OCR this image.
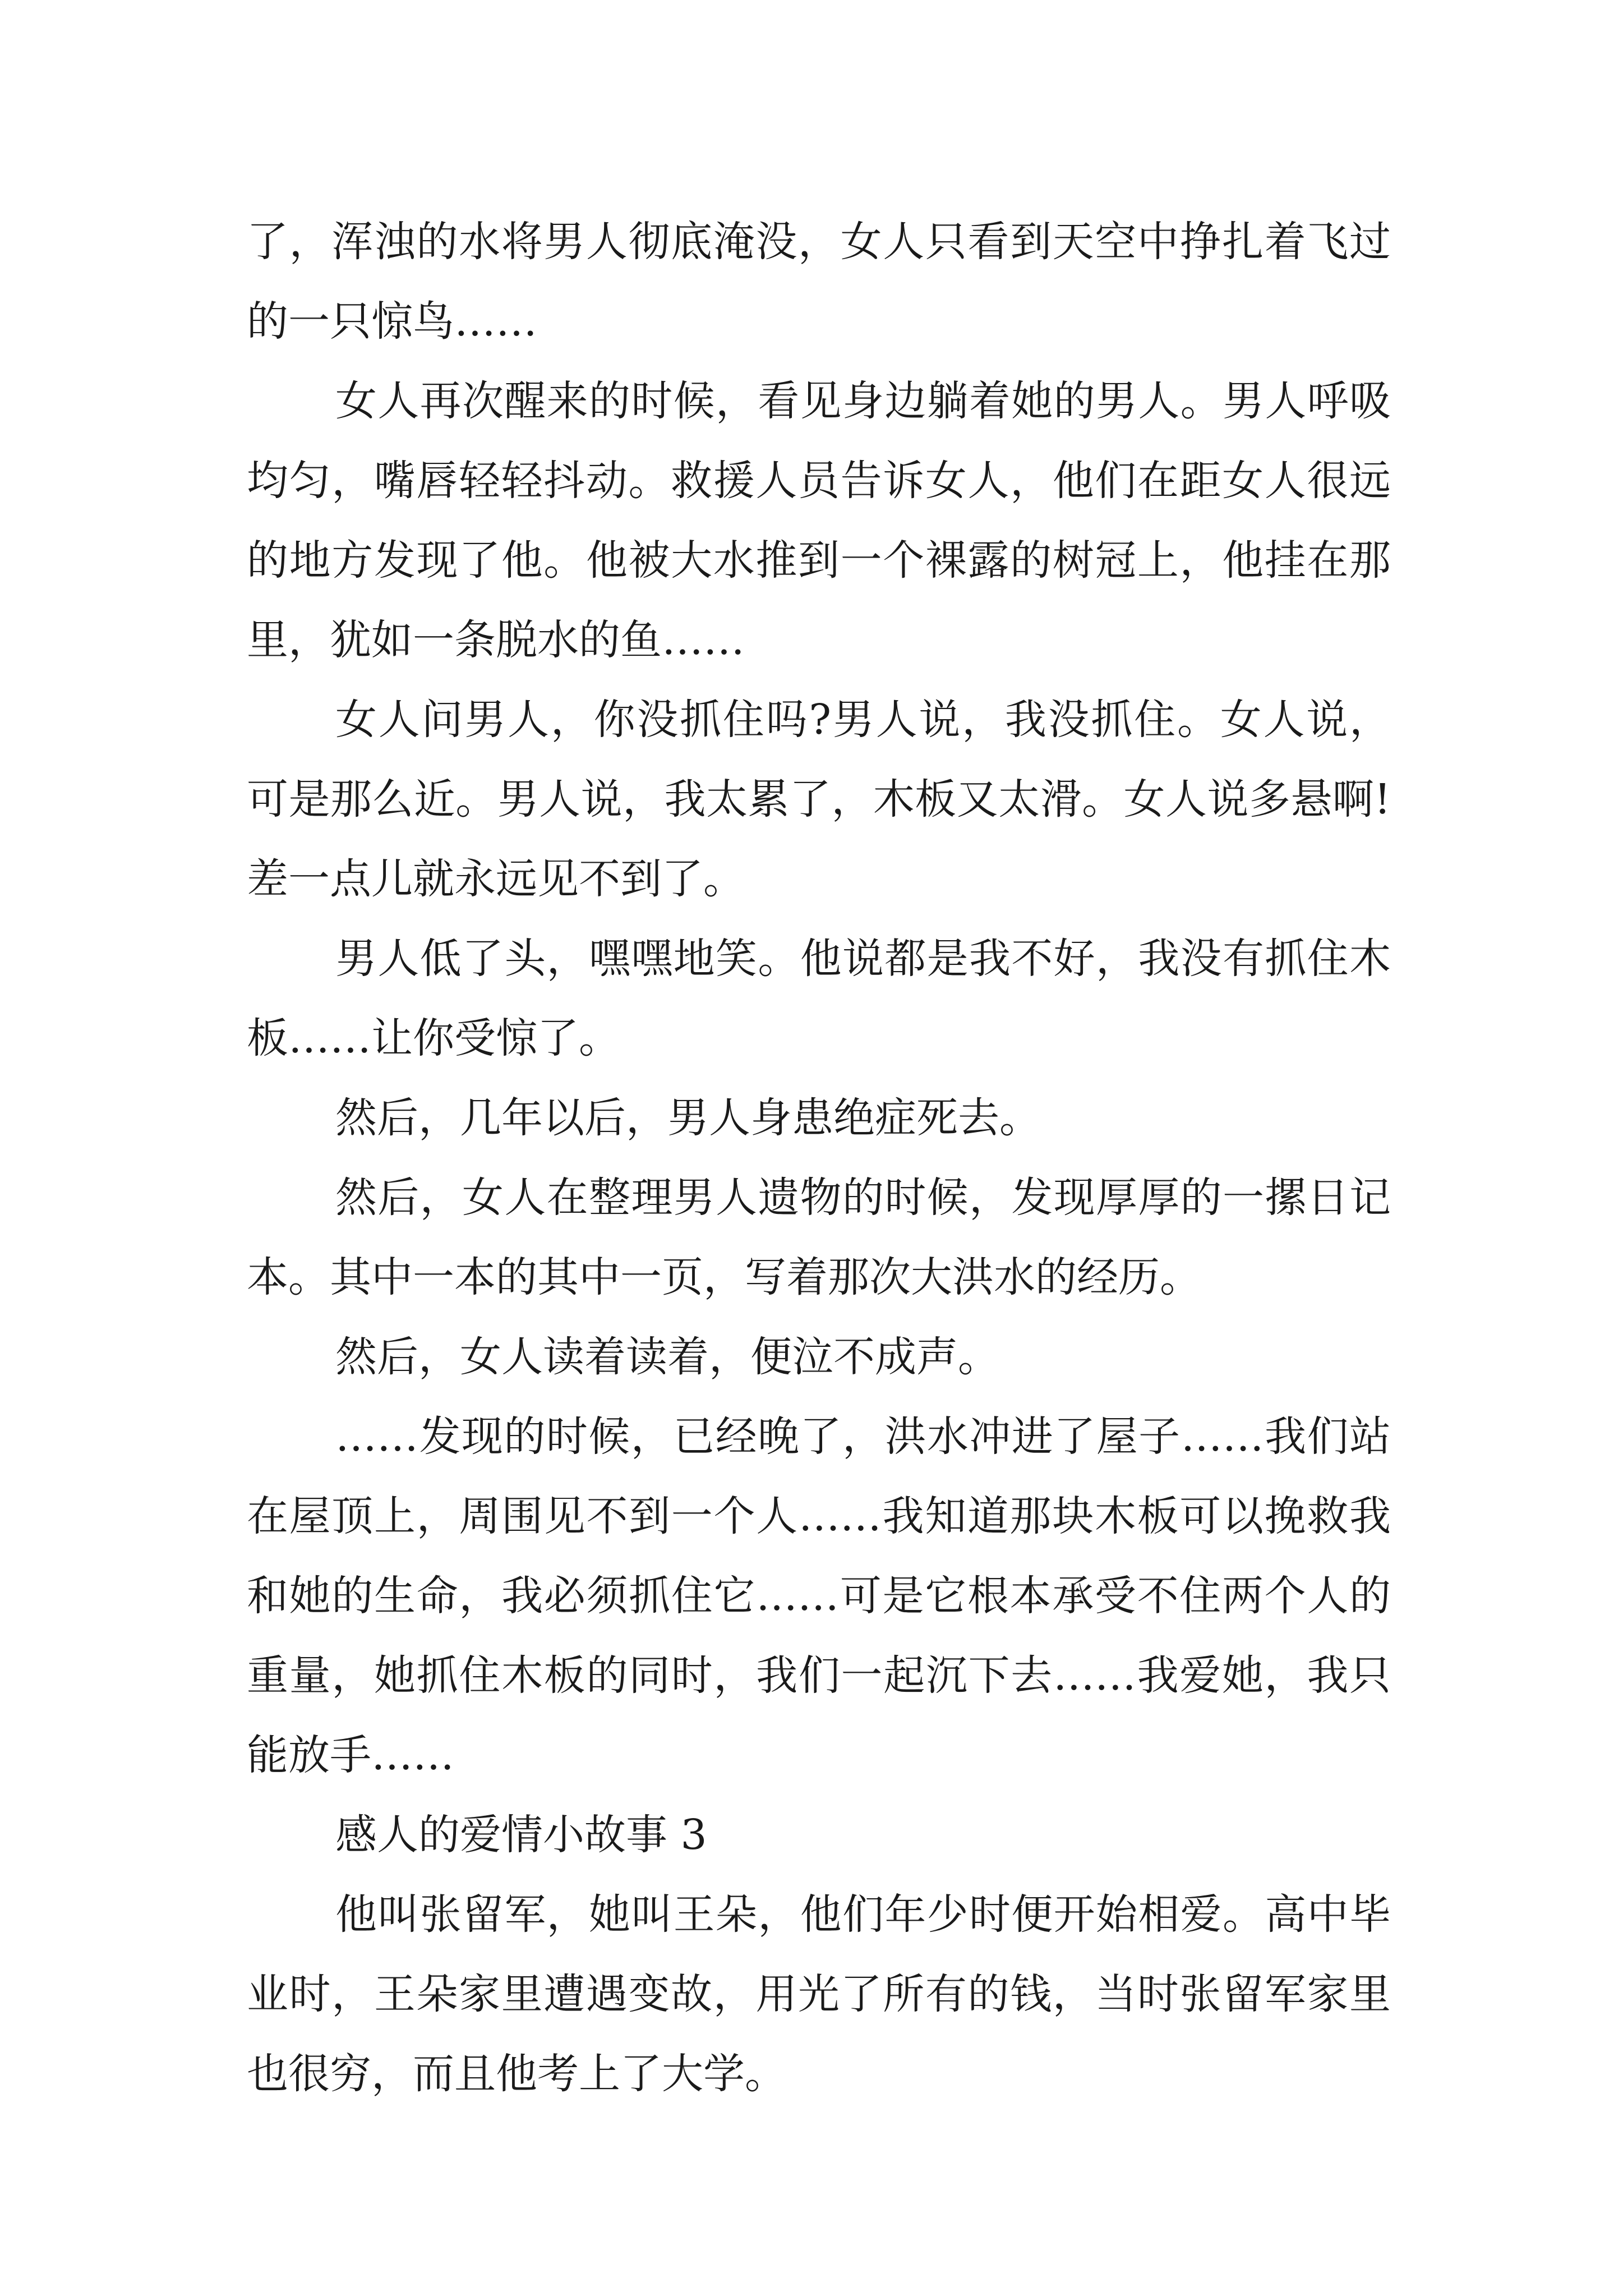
了，浑浊的水将男人彻底淹没，女人只看到天空中挣扎着飞过的一只惊鸟……

女人再次醒来的时候，看见身边躺着她的男人。男人呼吸均匀，嘴唇轻轻抖动。救援人员告诉女人，他们在距女人很远的地方发现了他。他被大水推到一个裸露的树冠上，他挂在那里，犹如一条脱水的鱼……

女人问男人，你没抓住吗?男人说，我没抓住。女人说，可是那么近。男人说，我太累了，木板又太滑。女人说多悬啊!差一点儿就永远见不到了。

男人低了头，嘿嘿地笑。他说都是我不好，我没有抓住木板……让你受惊了。

然后，几年以后，男人身患绝症死去。

然后，女人在整理男人遗物的时候，发现厚厚的一摞日记本。其中一本的其中一页，写着那次大洪水的经历。

然后，女人读着读着，便泣不成声。

……发现的时候，已经晚了，洪水冲进了屋子……我们站在屋顶上，周围见不到一个人……我知道那块木板可以挽救我和她的生命，我必须抓住它……可是它根本承受不住两个人的重量，她抓住木板的同时，我们一起沉下去……我爱她，我只能放手……

感人的爱情小故事 3

他叫张留军，她叫王朵，他们年少时便开始相爱。高中毕业时，王朵家里遭遇变故，用光了所有的钱，当时张留军家里也很穷，而且他考上了大学。
